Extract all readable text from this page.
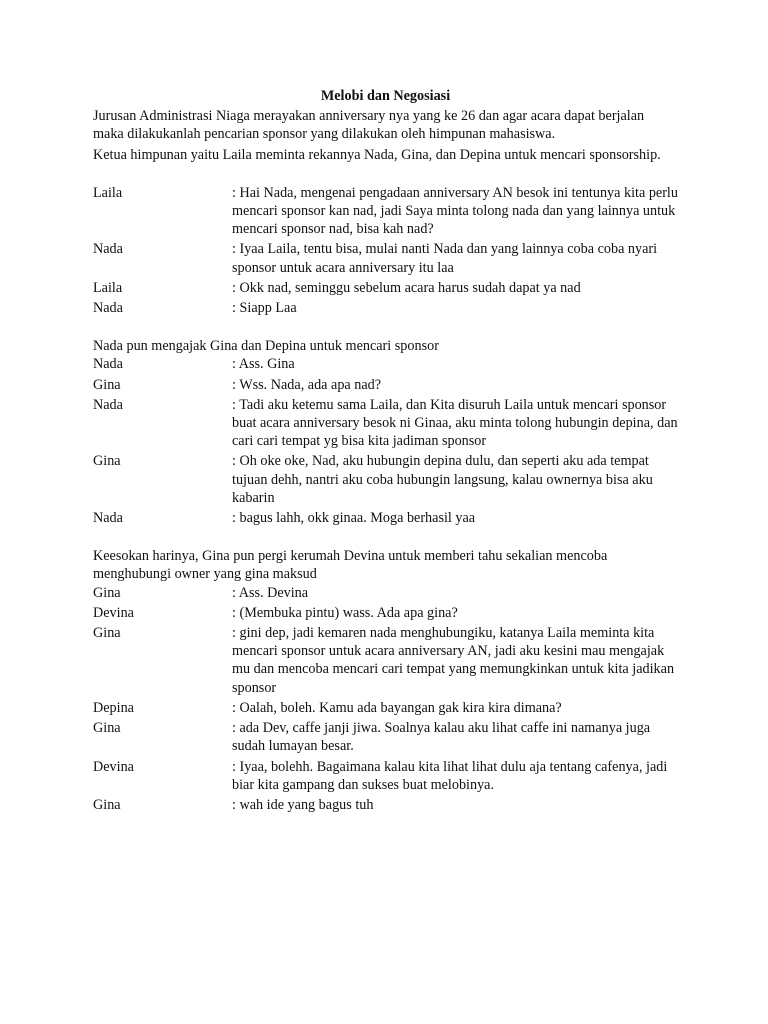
Melobi dan Negosiasi

Jurusan Administrasi Niaga merayakan anniversary nya yang ke 26 dan agar acara dapat berjalan maka dilakukanlah pencarian sponsor yang dilakukan oleh himpunan mahasiswa.

Ketua himpunan yaitu Laila meminta rekannya Nada, Gina, dan Depina untuk mencari sponsorship.

Laila	: Hai Nada, mengenai pengadaan anniversary AN besok ini tentunya kita perlu mencari sponsor kan nad, jadi Saya minta tolong nada dan yang lainnya untuk mencari sponsor nad, bisa kah nad?
Nada	: Iyaa Laila, tentu bisa, mulai nanti Nada dan yang lainnya coba coba nyari sponsor untuk acara anniversary itu laa
Laila	: Okk nad, seminggu sebelum acara harus sudah dapat ya nad
Nada	: Siapp Laa

Nada pun mengajak Gina dan Depina untuk mencari sponsor

Nada	: Ass. Gina
Gina	: Wss. Nada, ada apa nad?
Nada	: Tadi aku ketemu sama Laila, dan Kita disuruh Laila untuk mencari sponsor buat acara anniversary besok ni Ginaa, aku minta tolong hubungin depina, dan cari cari tempat yg bisa kita jadiman sponsor
Gina	: Oh oke oke, Nad, aku hubungin depina dulu, dan seperti aku ada tempat tujuan dehh, nantri aku coba hubungin langsung, kalau ownernya bisa aku kabarin
Nada	: bagus lahh, okk ginaa. Moga berhasil yaa

Keesokan harinya, Gina pun pergi kerumah Devina untuk memberi tahu sekalian mencoba menghubungi owner yang gina maksud

Gina	: Ass. Devina
Devina	: (Membuka pintu) wass. Ada apa gina?
Gina	: gini dep, jadi kemaren nada menghubungiku, katanya Laila meminta kita mencari sponsor untuk acara anniversary AN, jadi aku kesini mau mengajak mu dan mencoba mencari cari tempat yang memungkinkan untuk kita jadikan sponsor
Depina	: Oalah, boleh. Kamu ada bayangan gak kira kira dimana?
Gina	: ada Dev, caffe janji jiwa. Soalnya kalau aku lihat caffe ini namanya juga sudah lumayan besar.
Devina	: Iyaa, bolehh. Bagaimana kalau kita lihat lihat dulu aja tentang cafenya, jadi biar kita gampang dan sukses buat melobinya.
Gina	: wah ide yang bagus tuh
